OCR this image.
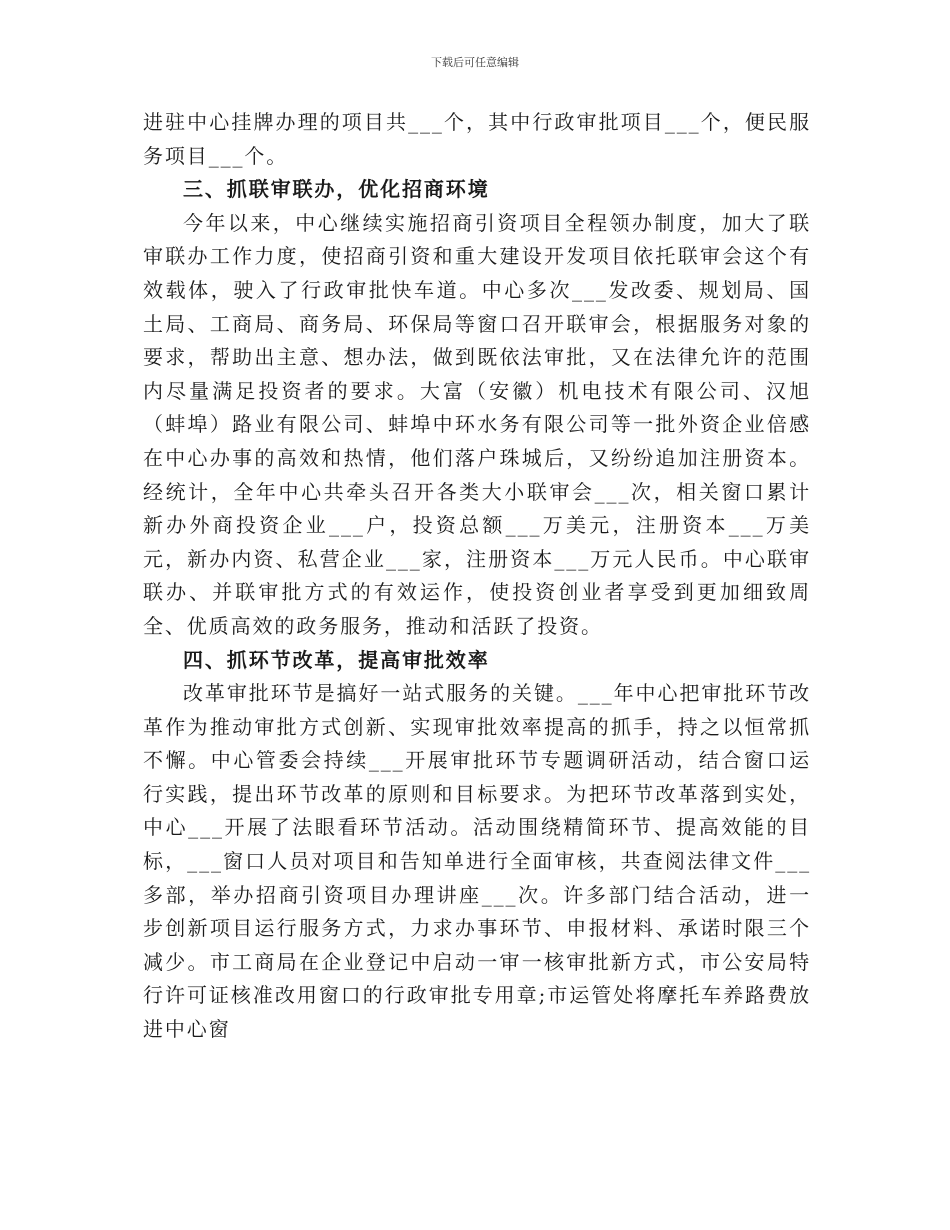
下载后可任意编辑

进驻中心挂牌办理的项目共___个，其中行政审批项目___个，便民服务项目___个。

三、抓联审联办，优化招商环境

今年以来，中心继续实施招商引资项目全程领办制度，加大了联审联办工作力度，使招商引资和重大建设开发项目依托联审会这个有效载体，驶入了行政审批快车道。中心多次___发改委、规划局、国土局、工商局、商务局、环保局等窗口召开联审会，根据服务对象的要求，帮助出主意、想办法，做到既依法审批，又在法律允许的范围内尽量满足投资者的要求。大富（安徽）机电技术有限公司、汉旭（蚌埠）路业有限公司、蚌埠中环水务有限公司等一批外资企业倍感在中心办事的高效和热情，他们落户珠城后，又纷纷追加注册资本。经统计，全年中心共牵头召开各类大小联审会___次，相关窗口累计新办外商投资企业___户，投资总额___万美元，注册资本___万美元，新办内资、私营企业___家，注册资本___万元人民币。中心联审联办、并联审批方式的有效运作，使投资创业者享受到更加细致周全、优质高效的政务服务，推动和活跃了投资。

四、抓环节改革，提高审批效率

改革审批环节是搞好一站式服务的关键。___年中心把审批环节改革作为推动审批方式创新、实现审批效率提高的抓手，持之以恒常抓不懈。中心管委会持续___开展审批环节专题调研活动，结合窗口运行实践，提出环节改革的原则和目标要求。为把环节改革落到实处，中心___开展了法眼看环节活动。活动围绕精简环节、提高效能的目标，___窗口人员对项目和告知单进行全面审核，共查阅法律文件___多部，举办招商引资项目办理讲座___次。许多部门结合活动，进一步创新项目运行服务方式，力求办事环节、申报材料、承诺时限三个减少。市工商局在企业登记中启动一审一核审批新方式，市公安局特行许可证核准改用窗口的行政审批专用章;市运管处将摩托车养路费放进中心窗
